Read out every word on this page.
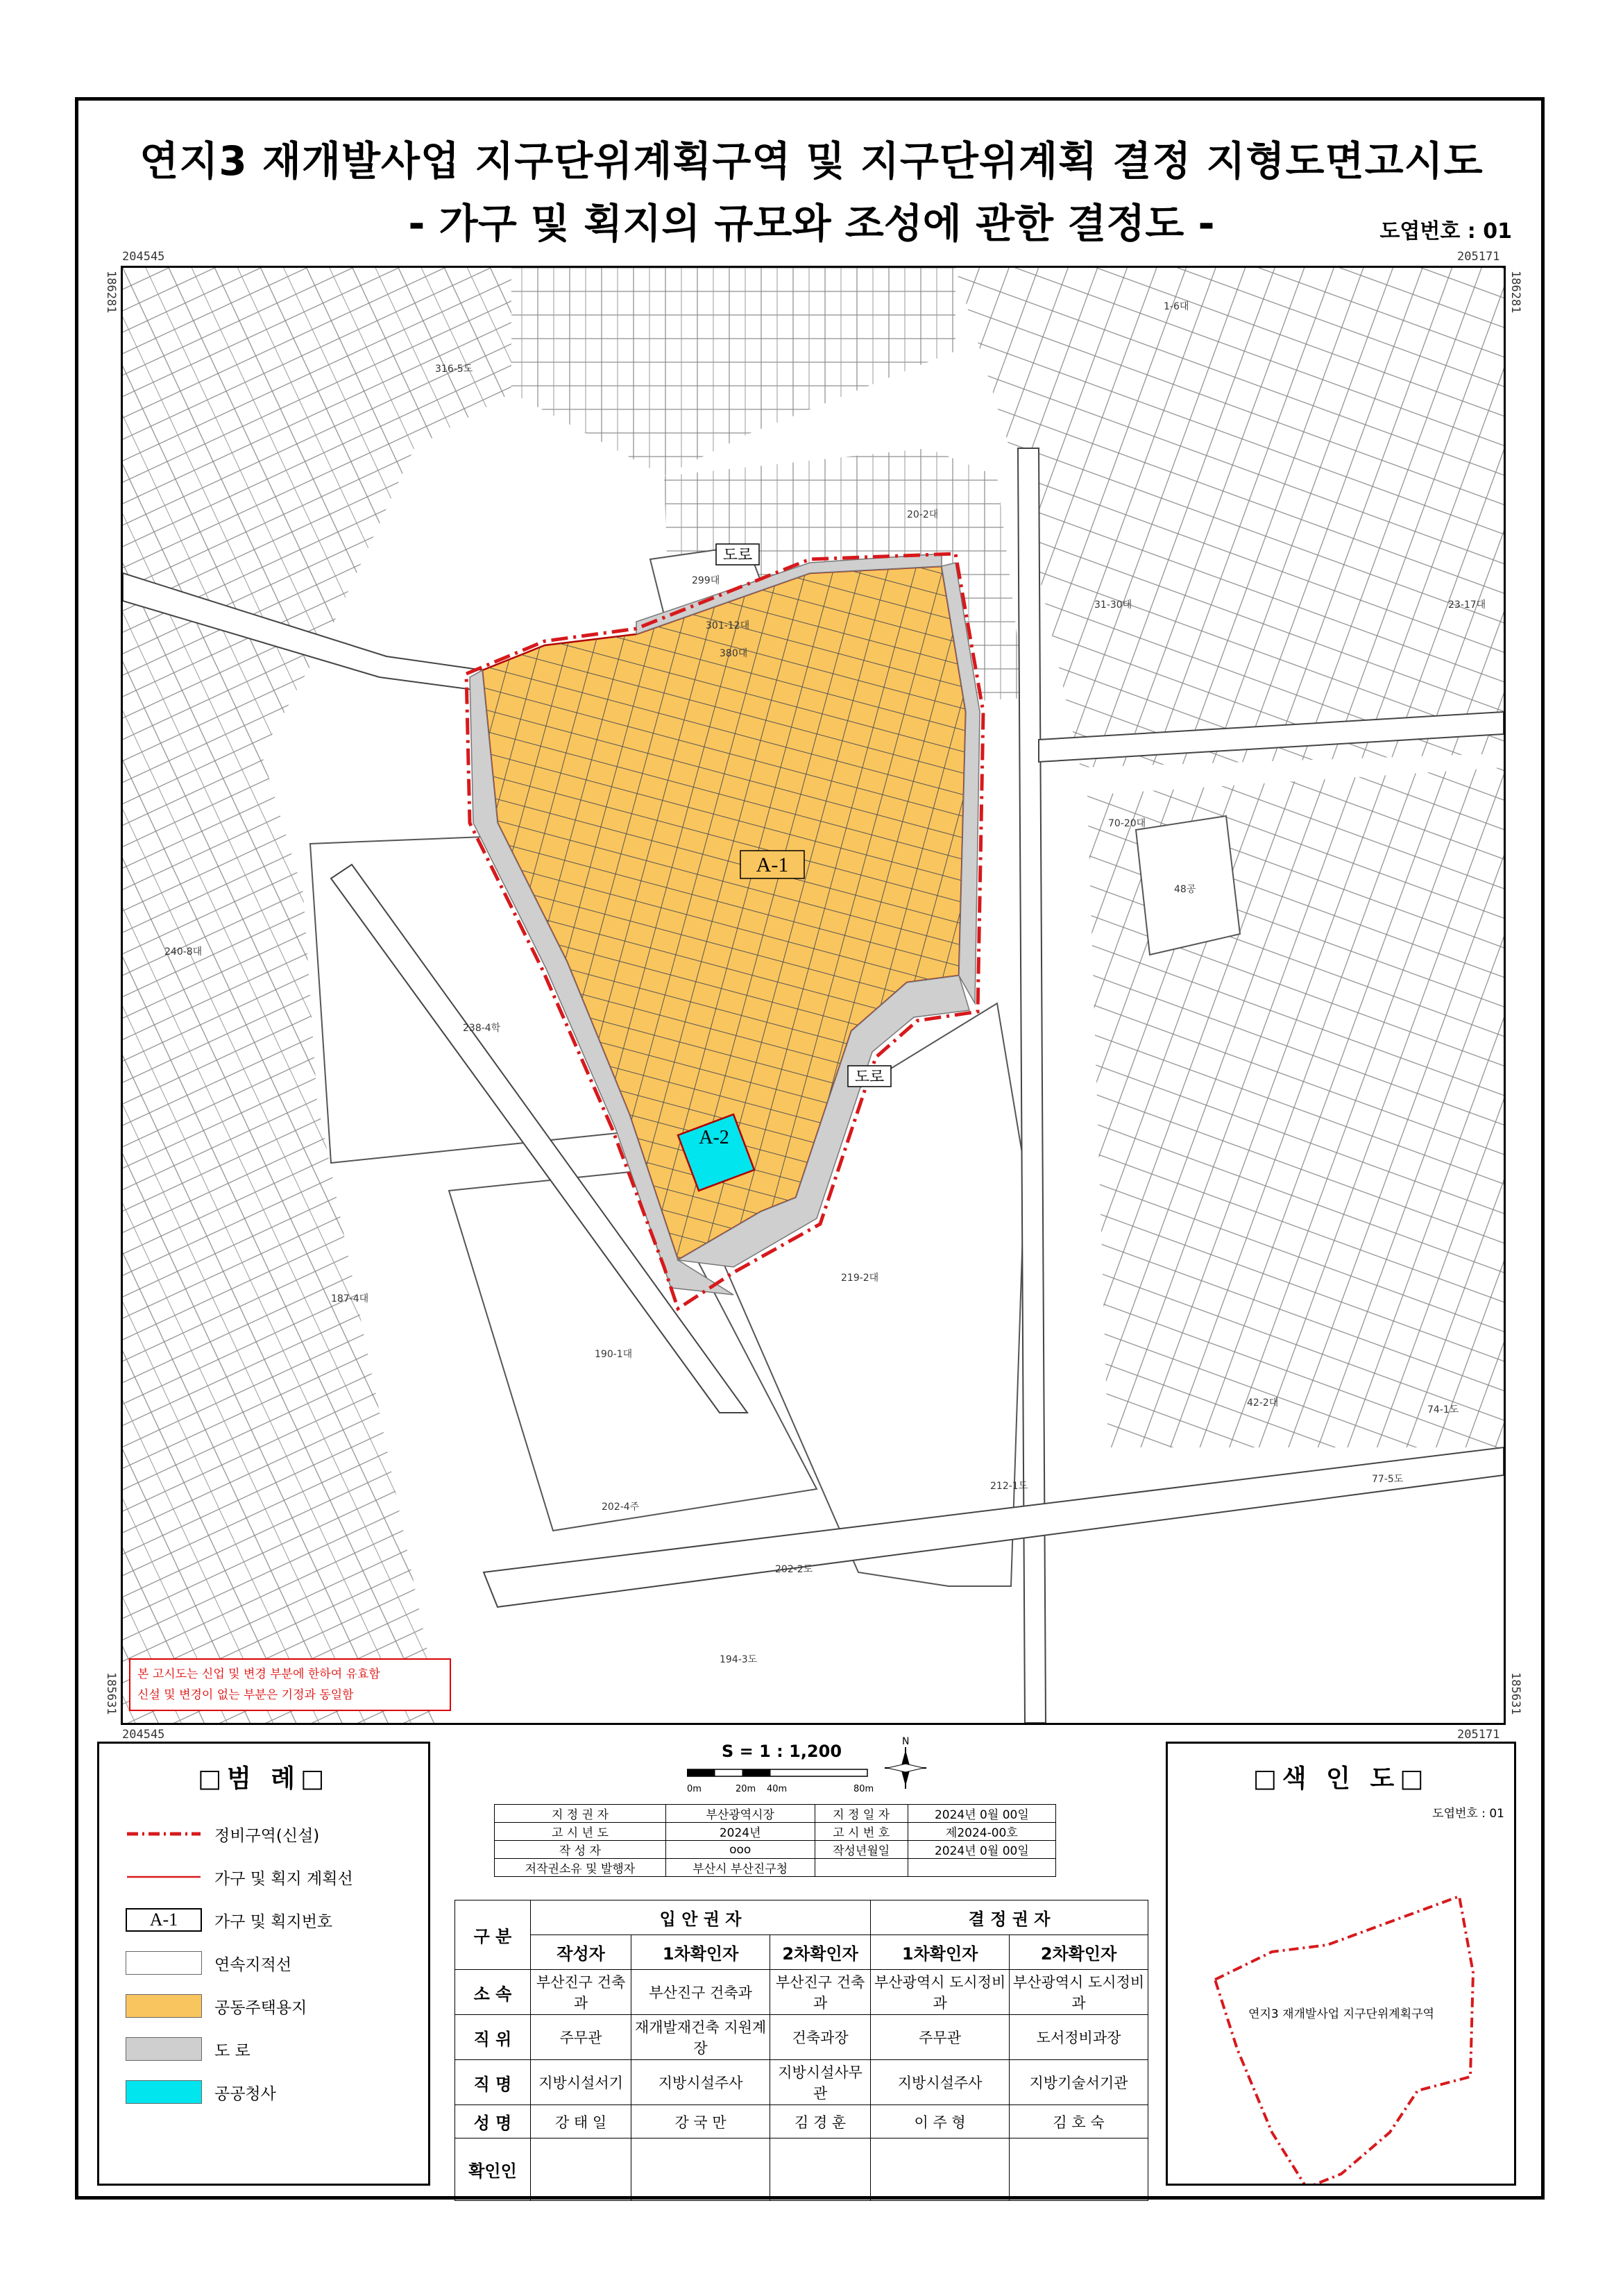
연지3 재개발사업 지구단위계획구역 및 지구단위계획 결정 지형도면고시도
- 가구 및 획지의 규모와 조성에 관한 결정도 -	도엽번호 : 01
204545	205171
204545	205171
186281	186281
185631	185631
A-1
A-2
도로
도로
316-5도
299대
301-12대
380대
240-8대
238-4학
219-2대
190-1대
187-4대
202-4주
48공
70-20대
1-6대
23-17대
77-5도
74-1도
194-3도
202-2도
212-1도
42-2대
31-30대
20-2대
본 고시도는 신업 및 변경 부분에 한하여 유효함
신설 및 변경이 없는 부분은 기정과 동일함
□범 례□
정비구역(신설)
가구 및 획지 계획선
A-1	가구 및 획지번호
연속지적선
공동주택용지
도 로
공공청사
S = 1 : 1,200
0m	20m 40m	80m
N
지 정 권 자	부산광역시장	지 정 일 자	2024년 0월 00일
고 시 년 도	2024년	고 시 번 호	제2024-00호
작 성 자	ooo	작성년월일	2024년 0월 00일
저작권소유 및 발행자	부산시 부산진구청		
구 분	입 안 권 자			결 정 권 자	
	작성자	1차확인자	2차확인자	1차확인자	2차확인자
소 속	부산진구 건축과	부산진구 건축과	부산진구 건축과	부산광역시 도시정비과	부산광역시 도시정비과
직 위	주무관	재개발재건축 지원계장	건축과장	주무관	도서정비과장
직 명	지방시설서기	지방시설주사	지방시설사무관	지방시설주사	지방기술서기관
성 명	강 태 일	강 국 만	김 경 훈	이 주 형	김 호 숙
확인인					
□색 인 도□
도엽번호 : 01
연지3 재개발사업 지구단위계획구역
